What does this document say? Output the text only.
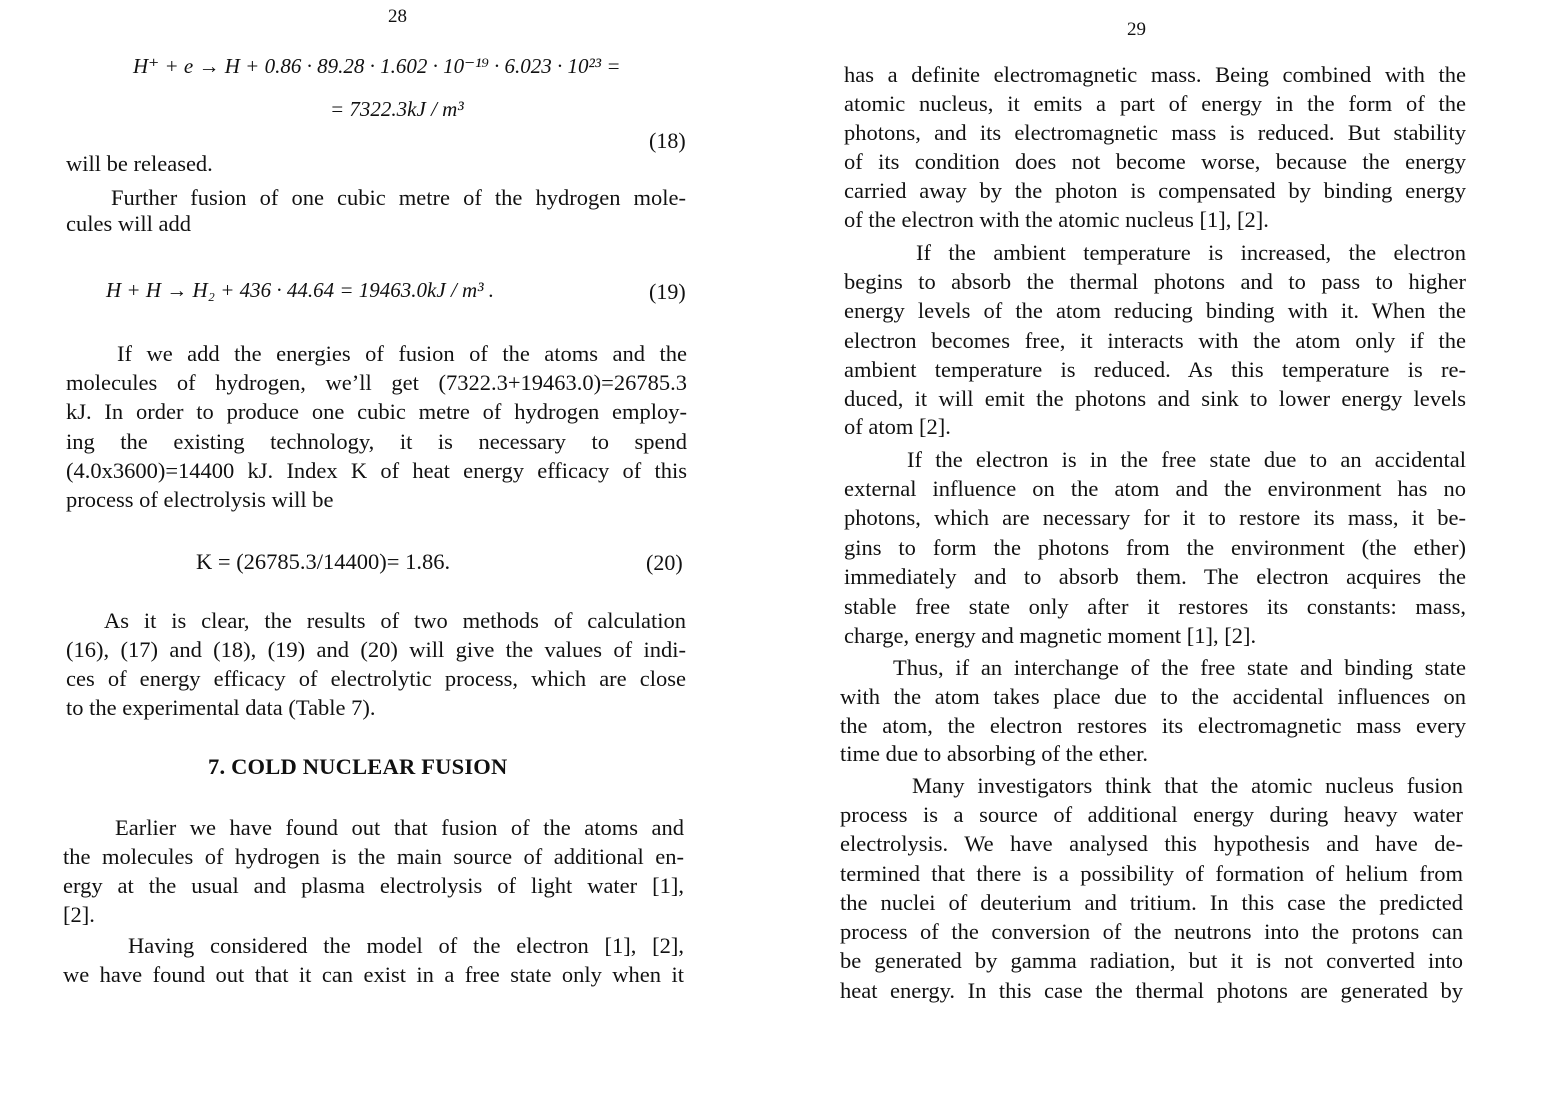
28
H⁺ + e → H + 0.86 · 89.28 · 1.602 · 10⁻¹⁹ · 6.023 · 10²³ =
= 7322.3kJ / m³
(18)
will be released.
Further fusion of one cubic metre of the hydrogen mole-
cules will add
H + H → H₂ + 436 · 44.64 = 19463.0kJ / m³ .	(19)
If we add the energies of fusion of the atoms and the
molecules of hydrogen, we’ll get (7322.3+19463.0)=26785.3
kJ. In order to produce one cubic metre of hydrogen employ-
ing the existing technology, it is necessary to spend
(4.0x3600)=14400 kJ. Index K of heat energy efficacy of this
process of electrolysis will be
K = (26785.3/14400)= 1.86.	(20)
As it is clear, the results of two methods of calculation
(16), (17) and (18), (19) and (20) will give the values of indi-
ces of energy efficacy of electrolytic process, which are close
to the experimental data (Table 7).
7. COLD NUCLEAR FUSION
Earlier we have found out that fusion of the atoms and
the molecules of hydrogen is the main source of additional en-
ergy at the usual and plasma electrolysis of light water [1],
[2].
Having considered the model of the electron [1], [2],
we have found out that it can exist in a free state only when it
29
has a definite electromagnetic mass. Being combined with the
atomic nucleus, it emits a part of energy in the form of the
photons, and its electromagnetic mass is reduced. But stability
of its condition does not become worse, because the energy
carried away by the photon is compensated by binding energy
of the electron with the atomic nucleus [1], [2].
If the ambient temperature is increased, the electron
begins to absorb the thermal photons and to pass to higher
energy levels of the atom reducing binding with it. When the
electron becomes free, it interacts with the atom only if the
ambient temperature is reduced. As this temperature is re-
duced, it will emit the photons and sink to lower energy levels
of atom [2].
If the electron is in the free state due to an accidental
external influence on the atom and the environment has no
photons, which are necessary for it to restore its mass, it be-
gins to form the photons from the environment (the ether)
immediately and to absorb them. The electron acquires the
stable free state only after it restores its constants: mass,
charge, energy and magnetic moment [1], [2].
Thus, if an interchange of the free state and binding state
with the atom takes place due to the accidental influences on
the atom, the electron restores its electromagnetic mass every
time due to absorbing of the ether.
Many investigators think that the atomic nucleus fusion
process is a source of additional energy during heavy water
electrolysis. We have analysed this hypothesis and have de-
termined that there is a possibility of formation of helium from
the nuclei of deuterium and tritium. In this case the predicted
process of the conversion of the neutrons into the protons can
be generated by gamma radiation, but it is not converted into
heat energy. In this case the thermal photons are generated by
